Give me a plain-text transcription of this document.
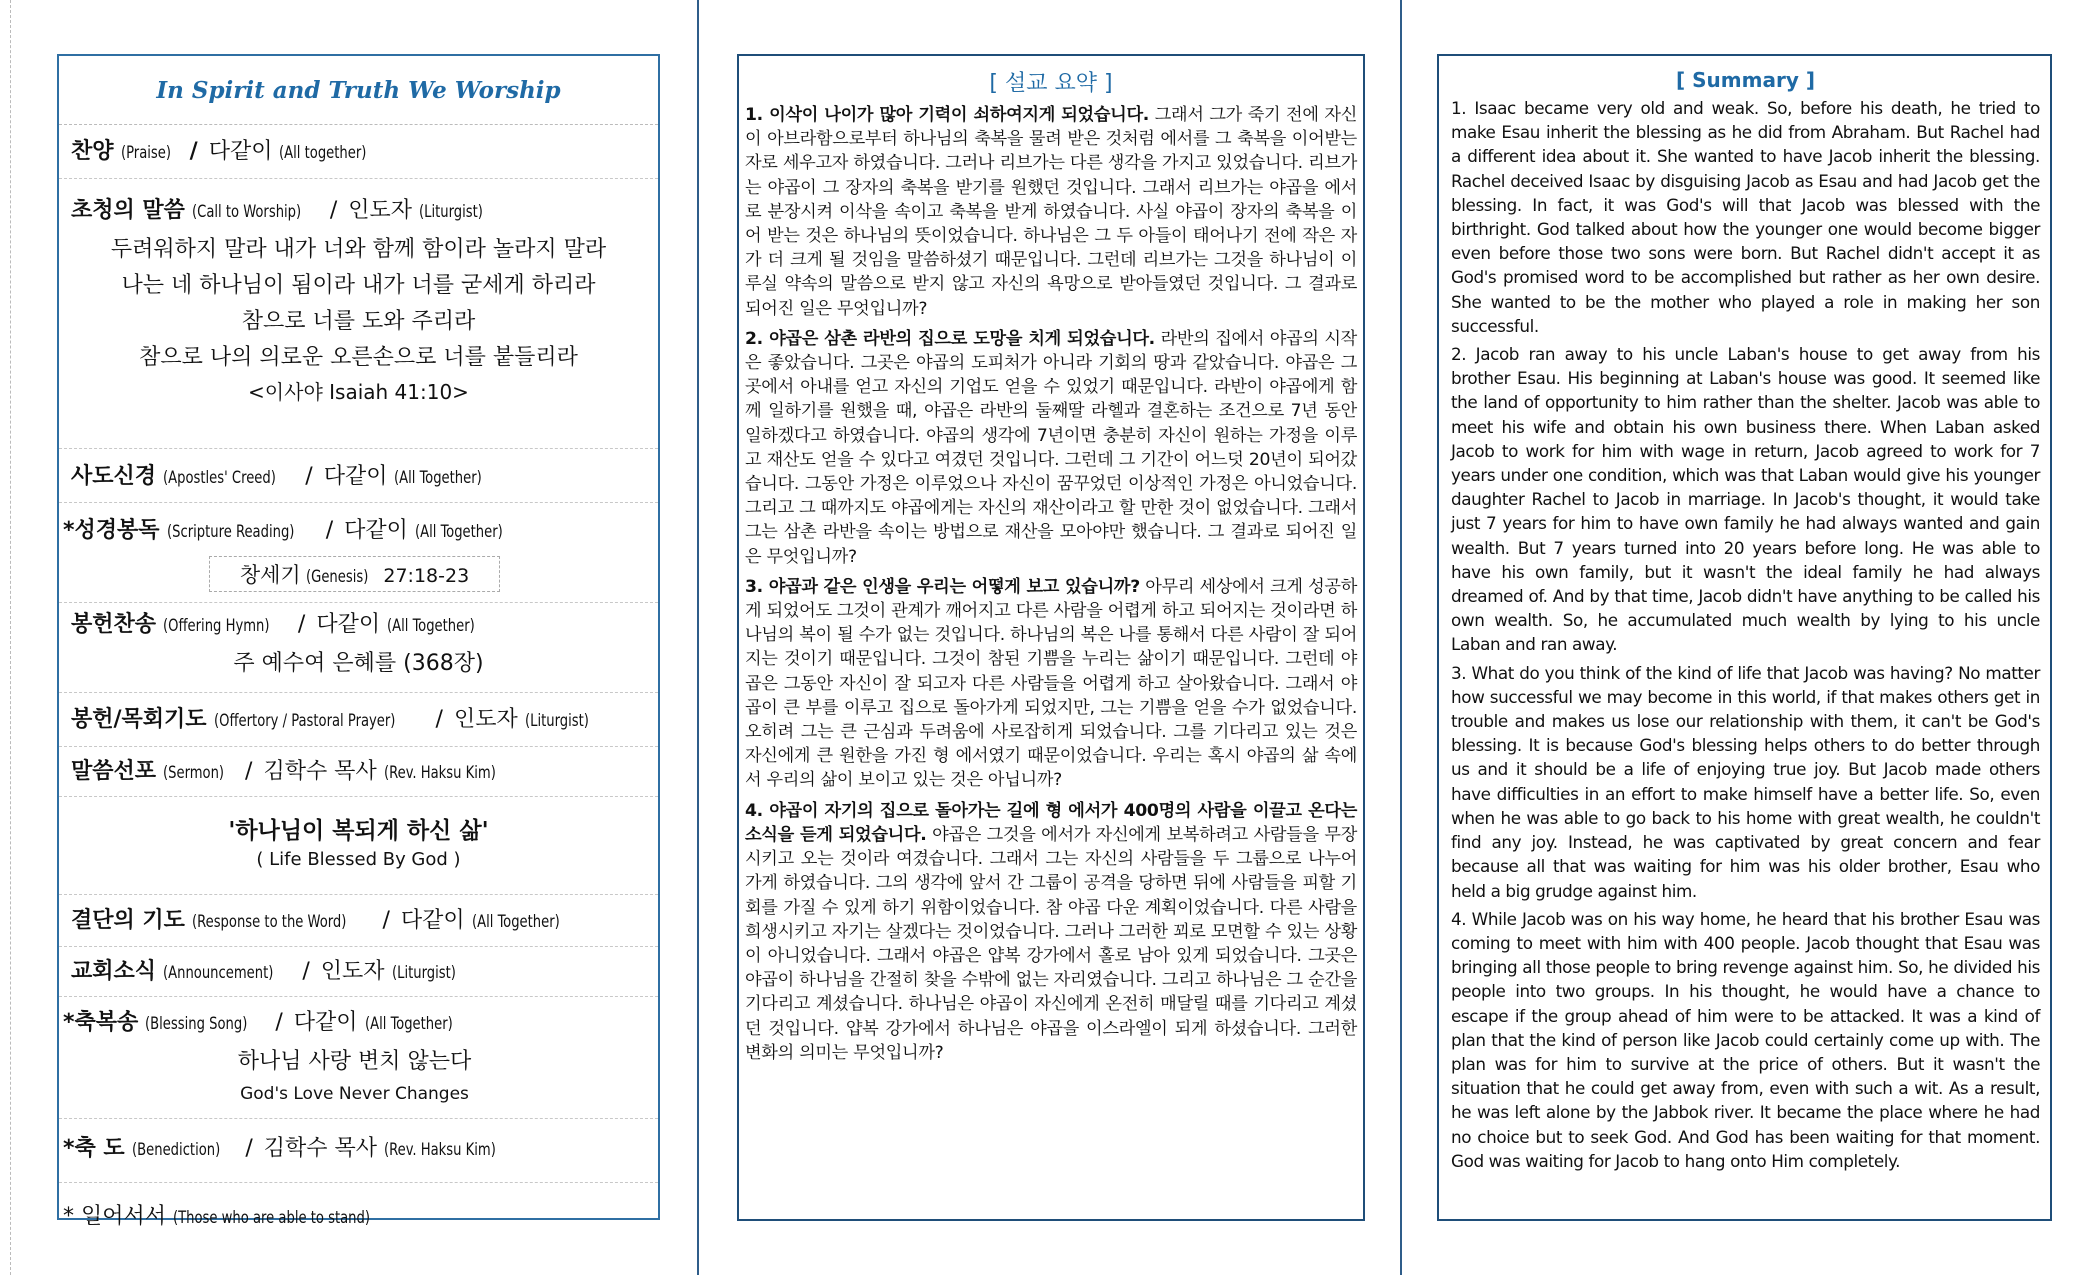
In Spirit and Truth We Worship
찬양 (Praise) / 다같이 (All together)
초청의 말씀 (Call to Worship) / 인도자 (Liturgist)
두려워하지 말라 내가 너와 함께 함이라 놀라지 말라
나는 네 하나님이 됨이라 내가 너를 굳세게 하리라
참으로 너를 도와 주리라
참으로 나의 의로운 오른손으로 너를 붙들리라
<이사야 Isaiah 41:10>
사도신경 (Apostles' Creed) / 다같이 (All Together)
*성경봉독 (Scripture Reading) / 다같이 (All Together)
창세기 (Genesis) 27:18-23
봉헌찬송 (Offering Hymn) / 다같이 (All Together)
주 예수여 은혜를 (368장)
봉헌/목회기도 (Offertory / Pastoral Prayer) / 인도자 (Liturgist)
말씀선포 (Sermon) / 김학수 목사 (Rev. Haksu Kim)
'하나님이 복되게 하신 삶'
( Life Blessed By God )
결단의 기도 (Response to the Word) / 다같이 (All Together)
교회소식 (Announcement) / 인도자 (Liturgist)
*축복송 (Blessing Song) / 다같이 (All Together)
하나님 사랑 변치 않는다
God's Love Never Changes
*축 도 (Benediction) / 김학수 목사 (Rev. Haksu Kim)
* 일어서서 (Those who are able to stand)
[ 설교 요약 ]

1. 이삭이 나이가 많아 기력이 쇠하여지게 되었습니다. 그래서 그가 죽기 전에 자신이 아브라함으로부터 하나님의 축복을 물려 받은 것처럼 에서를 그 축복을 이어받는 자로 세우고자 하였습니다. 그러나 리브가는 다른 생각을 가지고 있었습니다. 리브가는 야곱이 그 장자의 축복을 받기를 원했던 것입니다. 그래서 리브가는 야곱을 에서로 분장시켜 이삭을 속이고 축복을 받게 하였습니다. 사실 야곱이 장자의 축복을 이어 받는 것은 하나님의 뜻이었습니다. 하나님은 그 두 아들이 태어나기 전에 작은 자가 더 크게 될 것임을 말씀하셨기 때문입니다. 그런데 리브가는 그것을 하나님이 이루실 약속의 말씀으로 받지 않고 자신의 욕망으로 받아들였던 것입니다. 그 결과로 되어진 일은 무엇입니까?

2. 야곱은 삼촌 라반의 집으로 도망을 치게 되었습니다. 라반의 집에서 야곱의 시작은 좋았습니다. 그곳은 야곱의 도피처가 아니라 기회의 땅과 같았습니다. 야곱은 그곳에서 아내를 얻고 자신의 기업도 얻을 수 있었기 때문입니다. 라반이 야곱에게 함께 일하기를 원했을 때, 야곱은 라반의 둘째딸 라헬과 결혼하는 조건으로 7년 동안 일하겠다고 하였습니다. 야곱의 생각에 7년이면 충분히 자신이 원하는 가정을 이루고 재산도 얻을 수 있다고 여겼던 것입니다. 그런데 그 기간이 어느덧 20년이 되어갔습니다. 그동안 가정은 이루었으나 자신이 꿈꾸었던 이상적인 가정은 아니었습니다. 그리고 그 때까지도 야곱에게는 자신의 재산이라고 할 만한 것이 없었습니다. 그래서 그는 삼촌 라반을 속이는 방법으로 재산을 모아야만 했습니다. 그 결과로 되어진 일은 무엇입니까?

3. 야곱과 같은 인생을 우리는 어떻게 보고 있습니까? 아무리 세상에서 크게 성공하게 되었어도 그것이 관계가 깨어지고 다른 사람을 어렵게 하고 되어지는 것이라면 하나님의 복이 될 수가 없는 것입니다. 하나님의 복은 나를 통해서 다른 사람이 잘 되어지는 것이기 때문입니다. 그것이 참된 기쁨을 누리는 삶이기 때문입니다. 그런데 야곱은 그동안 자신이 잘 되고자 다른 사람들을 어렵게 하고 살아왔습니다. 그래서 야곱이 큰 부를 이루고 집으로 돌아가게 되었지만, 그는 기쁨을 얻을 수가 없었습니다. 오히려 그는 큰 근심과 두려움에 사로잡히게 되었습니다. 그를 기다리고 있는 것은 자신에게 큰 원한을 가진 형 에서였기 때문이었습니다. 우리는 혹시 야곱의 삶 속에서 우리의 삶이 보이고 있는 것은 아닙니까?

4. 야곱이 자기의 집으로 돌아가는 길에 형 에서가 400명의 사람을 이끌고 온다는 소식을 듣게 되었습니다. 야곱은 그것을 에서가 자신에게 보복하려고 사람들을 무장시키고 오는 것이라 여겼습니다. 그래서 그는 자신의 사람들을 두 그룹으로 나누어 가게 하였습니다. 그의 생각에 앞서 간 그룹이 공격을 당하면 뒤에 사람들을 피할 기회를 가질 수 있게 하기 위함이었습니다. 참 야곱 다운 계획이었습니다. 다른 사람을 희생시키고 자기는 살겠다는 것이었습니다. 그러나 그러한 꾀로 모면할 수 있는 상황이 아니었습니다. 그래서 야곱은 얍복 강가에서 홀로 남아 있게 되었습니다. 그곳은 야곱이 하나님을 간절히 찾을 수밖에 없는 자리였습니다. 그리고 하나님은 그 순간을 기다리고 계셨습니다. 하나님은 야곱이 자신에게 온전히 매달릴 때를 기다리고 계셨던 것입니다. 얍복 강가에서 하나님은 야곱을 이스라엘이 되게 하셨습니다. 그러한 변화의 의미는 무엇입니까?

[ Summary ]

1. Isaac became very old and weak. So, before his death, he tried to make Esau inherit the blessing as he did from Abraham. But Rachel had a different idea about it. She wanted to have Jacob inherit the blessing. Rachel deceived Isaac by disguising Jacob as Esau and had Jacob get the blessing. In fact, it was God's will that Jacob was blessed with the birthright. God talked about how the younger one would become bigger even before those two sons were born. But Rachel didn't accept it as God's promised word to be accomplished but rather as her own desire. She wanted to be the mother who played a role in making her son successful.

2. Jacob ran away to his uncle Laban's house to get away from his brother Esau. His beginning at Laban's house was good. It seemed like the land of opportunity to him rather than the shelter. Jacob was able to meet his wife and obtain his own business there. When Laban asked Jacob to work for him with wage in return, Jacob agreed to work for 7 years under one condition, which was that Laban would give his younger daughter Rachel to Jacob in marriage. In Jacob's thought, it would take just 7 years for him to have own family he had always wanted and gain wealth. But 7 years turned into 20 years before long. He was able to have his own family, but it wasn't the ideal family he had always dreamed of. And by that time, Jacob didn't have anything to be called his own wealth. So, he accumulated much wealth by lying to his uncle Laban and ran away.

3. What do you think of the kind of life that Jacob was having? No matter how successful we may become in this world, if that makes others get in trouble and makes us lose our relationship with them, it can't be God's blessing. It is because God's blessing helps others to do better through us and it should be a life of enjoying true joy. But Jacob made others have difficulties in an effort to make himself have a better life. So, even when he was able to go back to his home with great wealth, he couldn't find any joy. Instead, he was captivated by great concern and fear because all that was waiting for him was his older brother, Esau who held a big grudge against him.

4. While Jacob was on his way home, he heard that his brother Esau was coming to meet with him with 400 people. Jacob thought that Esau was bringing all those people to bring revenge against him. So, he divided his people into two groups. In his thought, he would have a chance to escape if the group ahead of him were to be attacked. It was a kind of plan that the kind of person like Jacob could certainly come up with. The plan was for him to survive at the price of others. But it wasn't the situation that he could get away from, even with such a wit. As a result, he was left alone by the Jabbok river. It became the place where he had no choice but to seek God. And God has been waiting for that moment. God was waiting for Jacob to hang onto Him completely.
